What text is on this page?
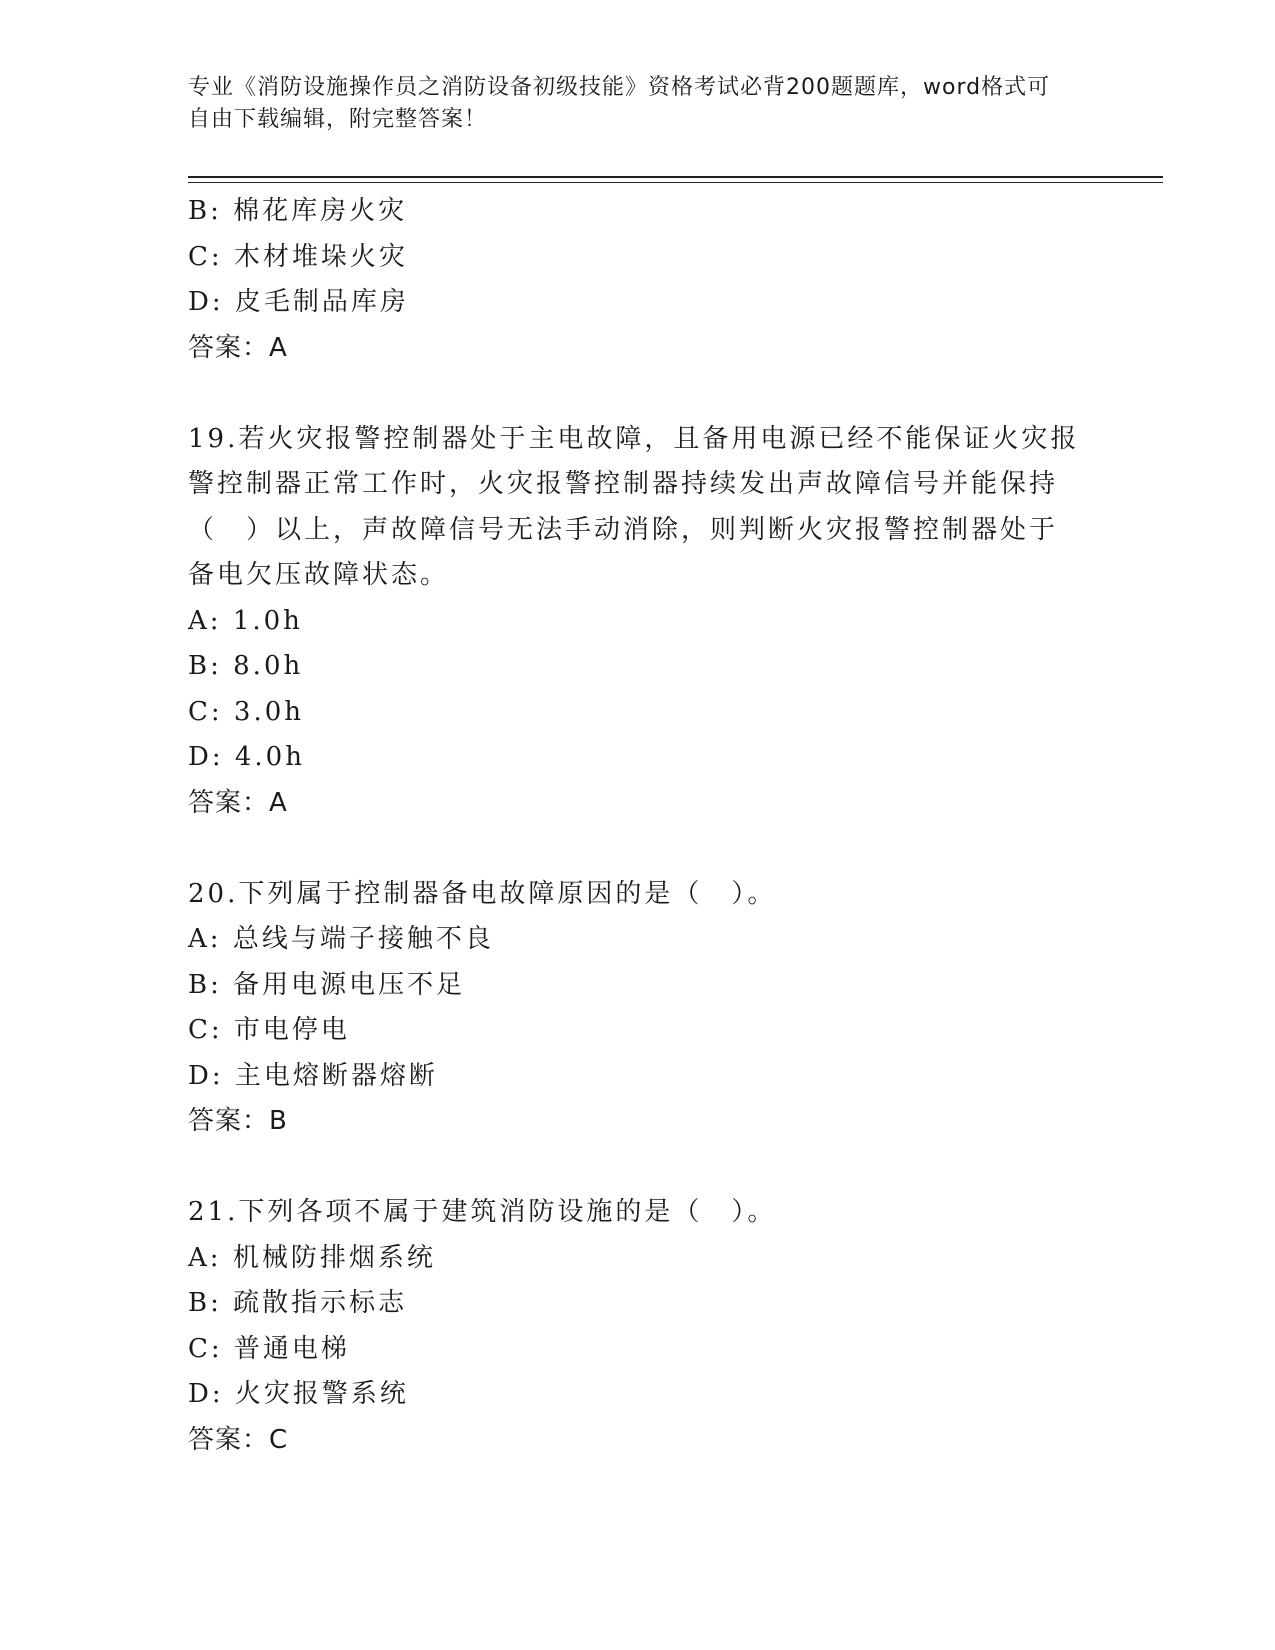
专业《消防设施操作员之消防设备初级技能》资格考试必背200题题库，word格式可自由下载编辑，附完整答案！

B: 棉花库房火灾

C: 木材堆垛火灾

D: 皮毛制品库房

答案：A

19.若火灾报警控制器处于主电故障，且备用电源已经不能保证火灾报

警控制器正常工作时，火灾报警控制器持续发出声故障信号并能保持

（　）以上，声故障信号无法手动消除，则判断火灾报警控制器处于

备电欠压故障状态。

A: 1.0h

B: 8.0h

C: 3.0h

D: 4.0h

答案：A

20.下列属于控制器备电故障原因的是（　）。

A: 总线与端子接触不良

B: 备用电源电压不足

C: 市电停电

D: 主电熔断器熔断

答案：B

21.下列各项不属于建筑消防设施的是（　）。

A: 机械防排烟系统

B: 疏散指示标志

C: 普通电梯

D: 火灾报警系统

答案：C
